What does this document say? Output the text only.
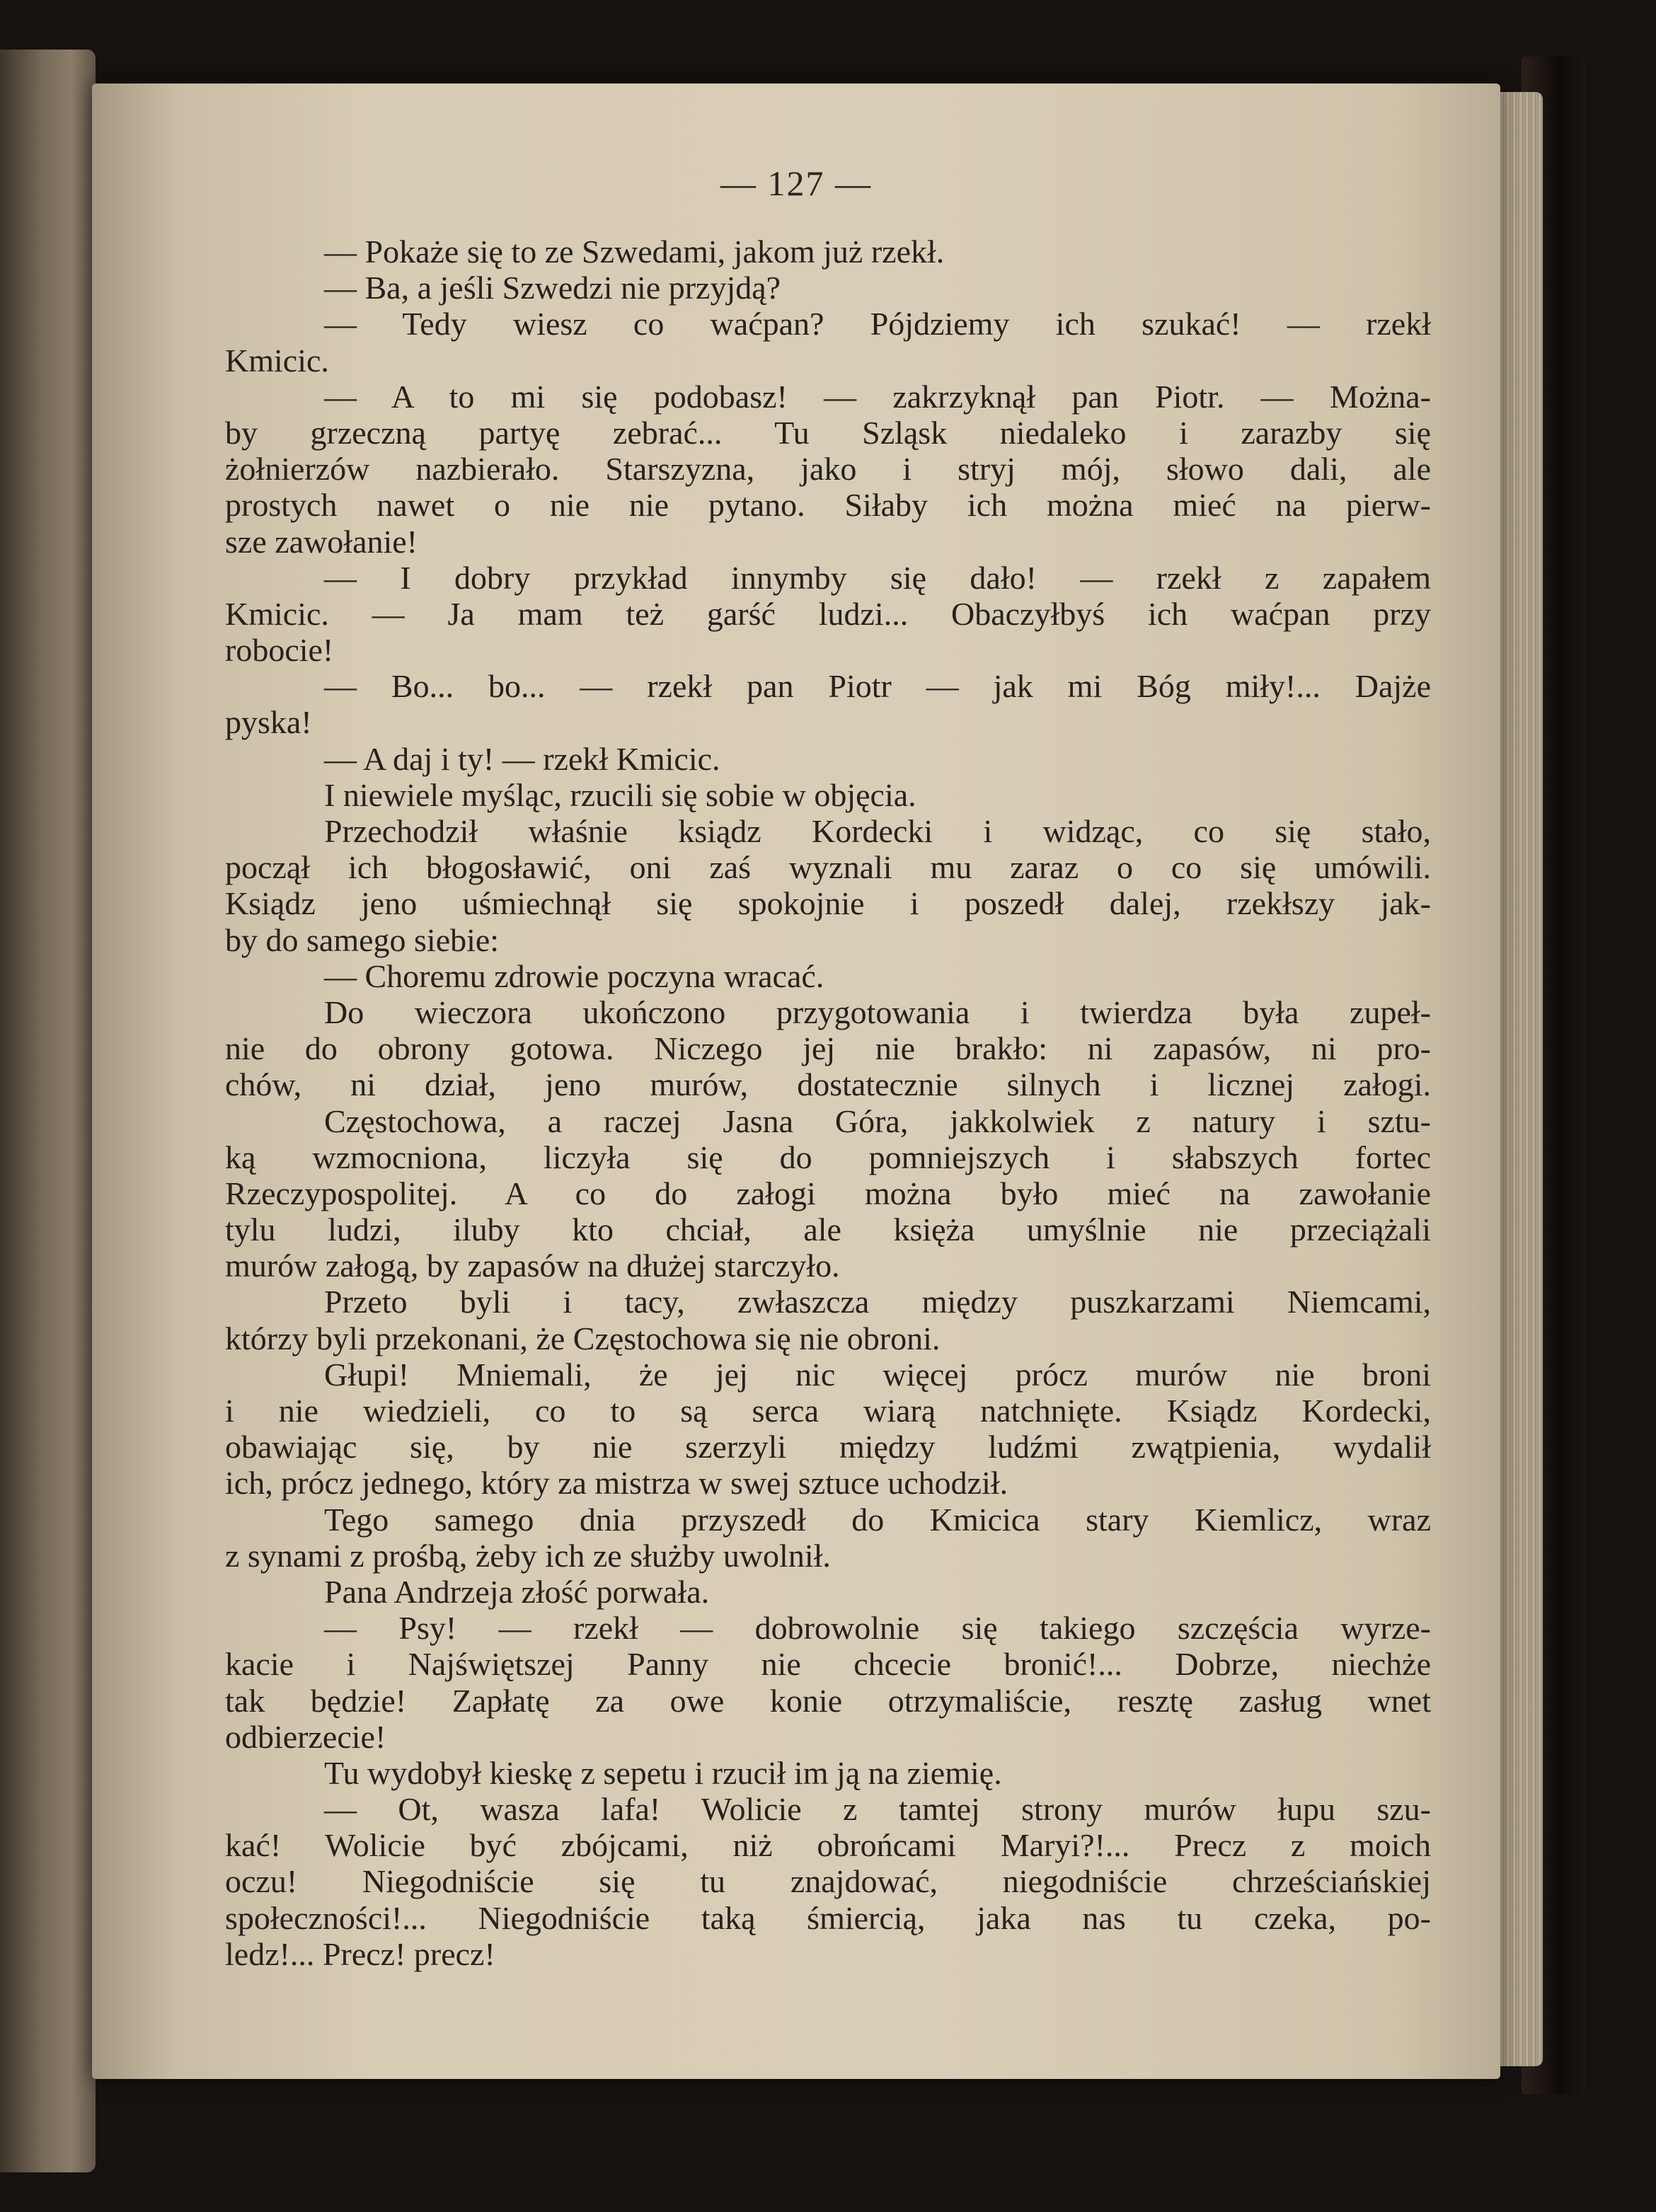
— 127 —
— Pokaże się to ze Szwedami, jakom już rzekł.
— Ba, a jeśli Szwedzi nie przyjdą?
— Tedy wiesz co waćpan? Pójdziemy ich szukać! — rzekł
Kmicic.
— A to mi się podobasz! — zakrzyknął pan Piotr. — Można-
by grzeczną partyę zebrać... Tu Szląsk niedaleko i zarazby się
żołnierzów nazbierało. Starszyzna, jako i stryj mój, słowo dali, ale
prostych nawet o nie nie pytano. Siłaby ich można mieć na pierw-
sze zawołanie!
— I dobry przykład innymby się dało! — rzekł z zapałem
Kmicic. — Ja mam też garść ludzi... Obaczyłbyś ich waćpan przy
robocie!
— Bo... bo... — rzekł pan Piotr — jak mi Bóg miły!... Dajże
pyska!
— A daj i ty! — rzekł Kmicic.
I niewiele myśląc, rzucili się sobie w objęcia.
Przechodził właśnie ksiądz Kordecki i widząc, co się stało,
począł ich błogosławić, oni zaś wyznali mu zaraz o co się umówili.
Ksiądz jeno uśmiechnął się spokojnie i poszedł dalej, rzekłszy jak-
by do samego siebie:
— Choremu zdrowie poczyna wracać.
Do wieczora ukończono przygotowania i twierdza była zupeł-
nie do obrony gotowa. Niczego jej nie brakło: ni zapasów, ni pro-
chów, ni dział, jeno murów, dostatecznie silnych i licznej załogi.
Częstochowa, a raczej Jasna Góra, jakkolwiek z natury i sztu-
ką wzmocniona, liczyła się do pomniejszych i słabszych fortec
Rzeczypospolitej. A co do załogi można było mieć na zawołanie
tylu ludzi, iluby kto chciał, ale księża umyślnie nie przeciążali
murów załogą, by zapasów na dłużej starczyło.
Przeto byli i tacy, zwłaszcza między puszkarzami Niemcami,
którzy byli przekonani, że Częstochowa się nie obroni.
Głupi! Mniemali, że jej nic więcej prócz murów nie broni
i nie wiedzieli, co to są serca wiarą natchnięte. Ksiądz Kordecki,
obawiając się, by nie szerzyli między ludźmi zwątpienia, wydalił
ich, prócz jednego, który za mistrza w swej sztuce uchodził.
Tego samego dnia przyszedł do Kmicica stary Kiemlicz, wraz
z synami z prośbą, żeby ich ze służby uwolnił.
Pana Andrzeja złość porwała.
— Psy! — rzekł — dobrowolnie się takiego szczęścia wyrze-
kacie i Najświętszej Panny nie chcecie bronić!... Dobrze, niechże
tak będzie! Zapłatę za owe konie otrzymaliście, resztę zasług wnet
odbierzecie!
Tu wydobył kieskę z sepetu i rzucił im ją na ziemię.
— Ot, wasza lafa! Wolicie z tamtej strony murów łupu szu-
kać! Wolicie być zbójcami, niż obrońcami Maryi?!... Precz z moich
oczu! Niegodniście się tu znajdować, niegodniście chrześciańskiej
społeczności!... Niegodniście taką śmiercią, jaka nas tu czeka, po-
ledz!... Precz! precz!
